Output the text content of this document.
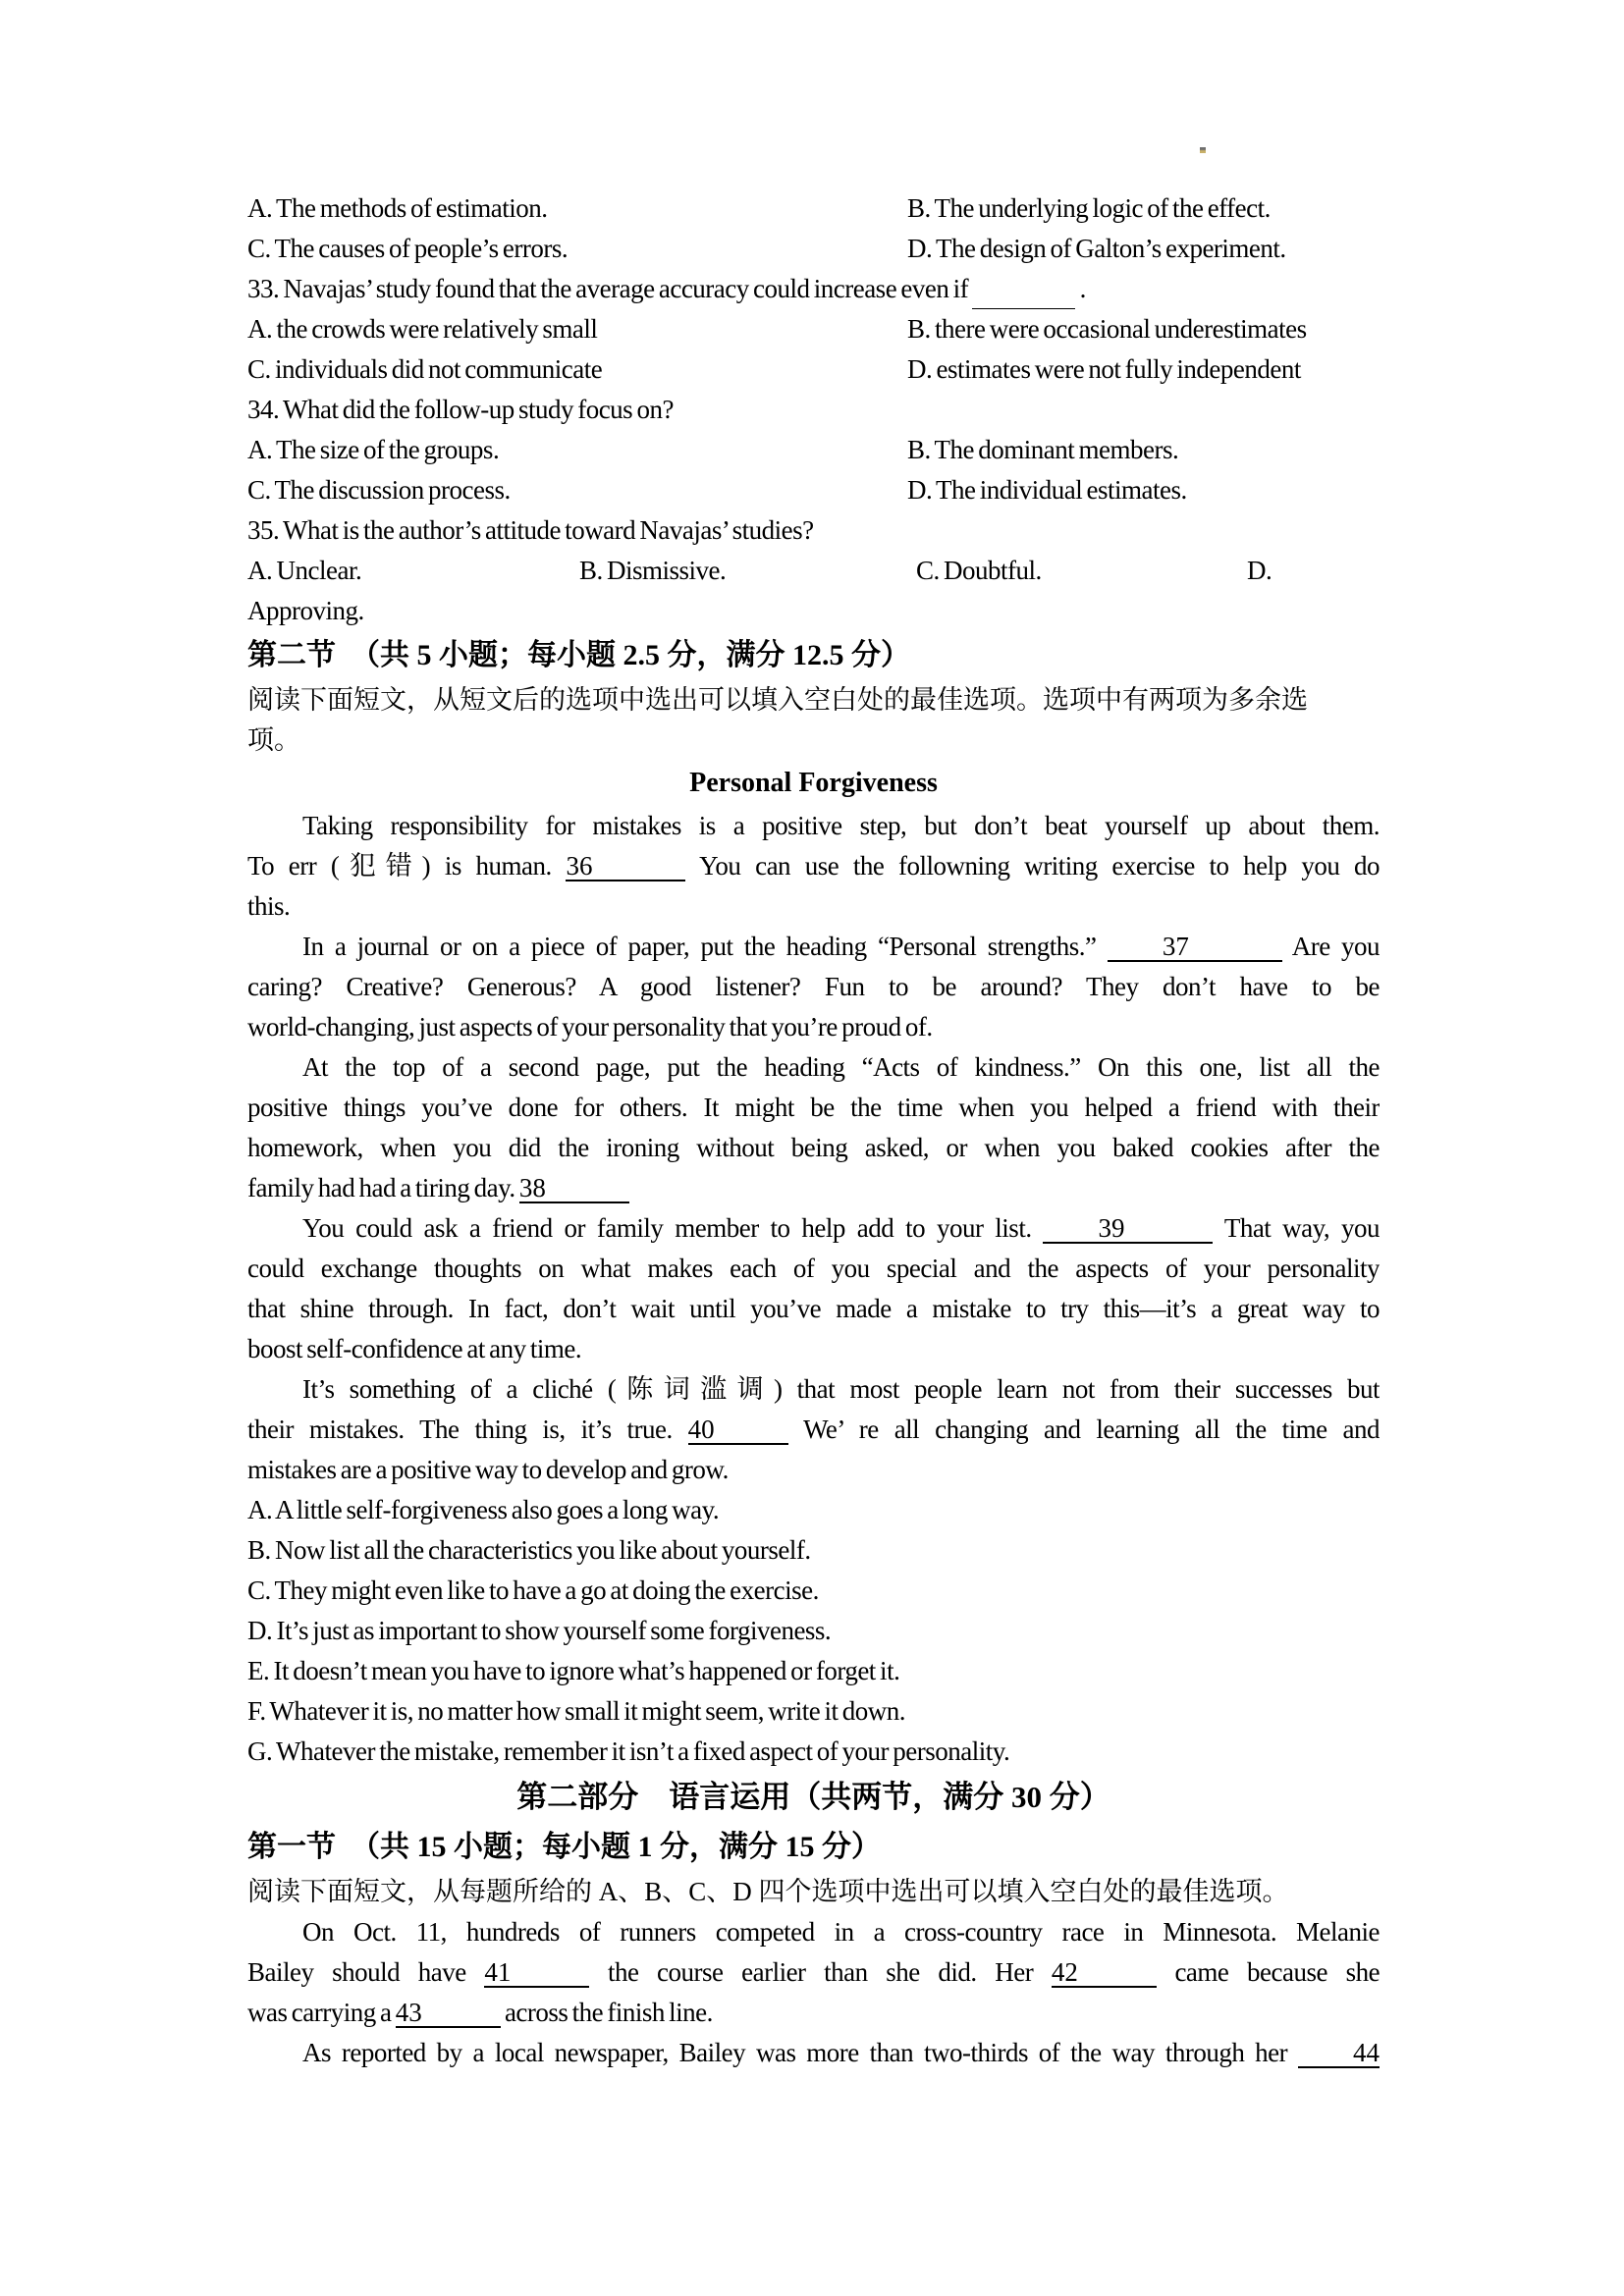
A. The methods of estimation.	B. The underlying logic of the effect.
C. The causes of people’s errors.	D. The design of Galton’s experiment.
33. Navajas’ study found that the average accuracy could increase even if	.
A. the crowds were relatively small	B. there were occasional underestimates
C. individuals did not communicate	D. estimates were not fully independent
34. What did the follow-up study focus on?
A. The size of the groups.	B. The dominant members.
C. The discussion process.	D. The individual estimates.
35. What is the author’s attitude toward Navajas’ studies?
A. Unclear.	B. Dismissive.	C. Doubtful.	D.
Approving.
第二节　（共 5 小题；每小题 2.5 分，满分 12.5 分）
阅读下面短文，从短文后的选项中选出可以填入空白处的最佳选项。选项中有两项为多余选
项。
Personal Forgiveness
Taking responsibility for mistakes is a positive step, but don’t beat yourself up about them.
To err (犯错) is human. 36	You can use the followning writing exercise to help you do
this.
In a journal or on a piece of paper, put the heading “Personal strengths.” 37	Are you
caring? Creative? Generous? A good listener? Fun to be around? They don’t have to be
world-changing, just aspects of your personality that you’re proud of.
At the top of a second page, put the heading “Acts of kindness.” On this one, list all the
positive things you’ve done for others. It might be the time when you helped a friend with their
homework, when you did the ironing without being asked, or when you baked cookies after the
family had had a tiring day. 38
You could ask a friend or family member to help add to your list.	39	That way, you
could exchange thoughts on what makes each of you special and the aspects of your personality
that shine through. In fact, don’t wait until you’ve made a mistake to try this—it’s a great way to
boost self-confidence at any time.
It’s something of a cliché (陈词滥调) that most people learn not from their successes but
their mistakes. The thing is, it’s true. 40	We’ re all changing and learning all the time and
mistakes are a positive way to develop and grow.
A. A little self-forgiveness also goes a long way.
B. Now list all the characteristics you like about yourself.
C. They might even like to have a go at doing the exercise.
D. It’s just as important to show yourself some forgiveness.
E. It doesn’t mean you have to ignore what’s happened or forget it.
F. Whatever it is, no matter how small it might seem, write it down.
G. Whatever the mistake, remember it isn’t a fixed aspect of your personality.
第二部分　语言运用（共两节，满分 30 分）
第一节　（共 15 小题；每小题 1 分，满分 15 分）
阅读下面短文，从每题所给的 A、B、C、D 四个选项中选出可以填入空白处的最佳选项。
On Oct. 11, hundreds of runners competed in a cross-country race in Minnesota. Melanie
Bailey should have 41	the course earlier than she did. Her 42	came because she
was carrying a 43	across the finish line.
As reported by a local newspaper, Bailey was more than two-thirds of the way through her 44
